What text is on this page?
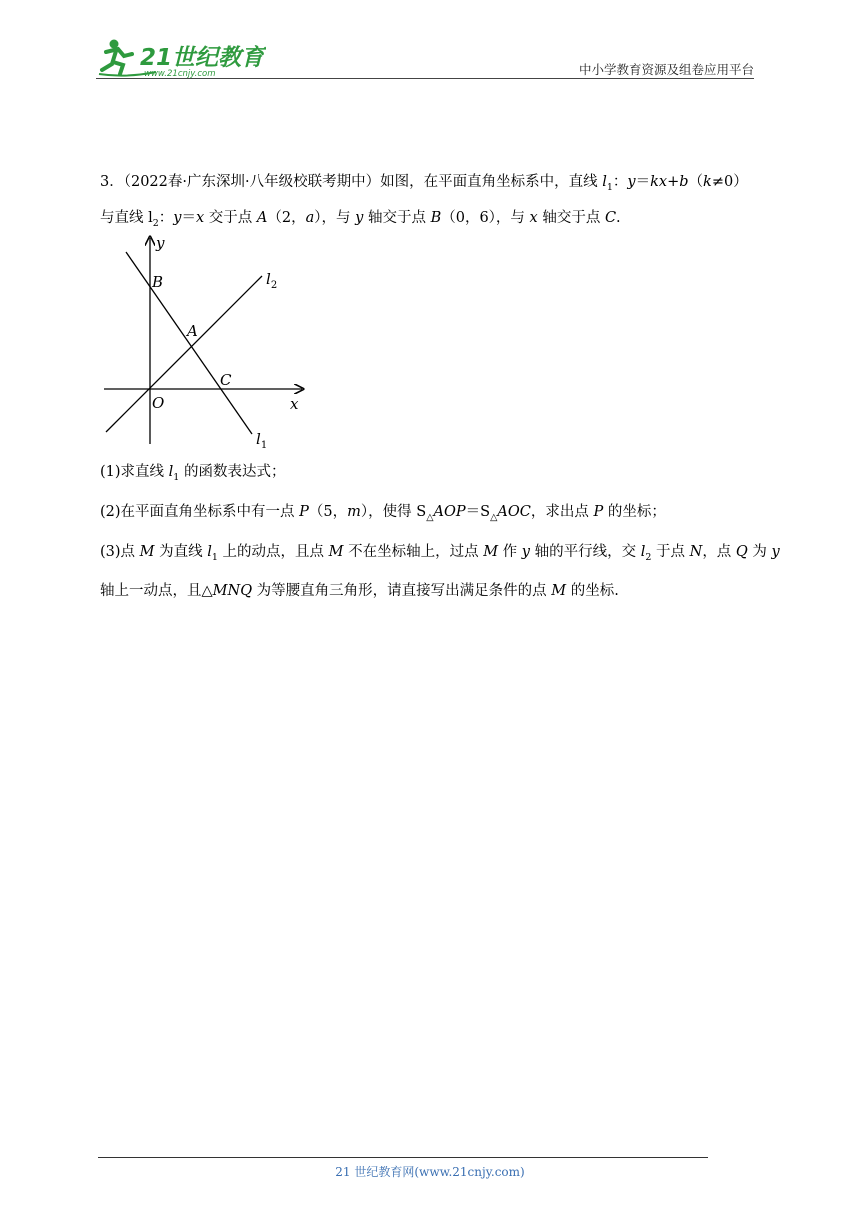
21世纪教育
www.21cnjy.com	中小学教育资源及组卷应用平台
3．（2022春·广东深圳·八年级校联考期中）如图，在平面直角坐标系中，直线 $l_1$：y＝kx+b（k≠0）
与直线 $l_2$：y＝x 交于点 A（2，a），与 y 轴交于点 B（0，6），与 x 轴交于点 C.
y
x
O
B
A
C
$l_2$
$l_1$
(1)求直线 $l_1$ 的函数表达式；
(2)在平面直角坐标系中有一点 P（5，m），使得 $S_\triangle AOP=S_\triangle AOC$，求出点 P 的坐标；
(3)点 M 为直线 $l_1$ 上的动点，且点 M 不在坐标轴上，过点 M 作 y 轴的平行线，交 $l_2$ 于点 N，点 Q 为 y
轴上一动点，且△MNQ 为等腰直角三角形，请直接写出满足条件的点 M 的坐标.
21 世纪教育网(www.21cnjy.com)
